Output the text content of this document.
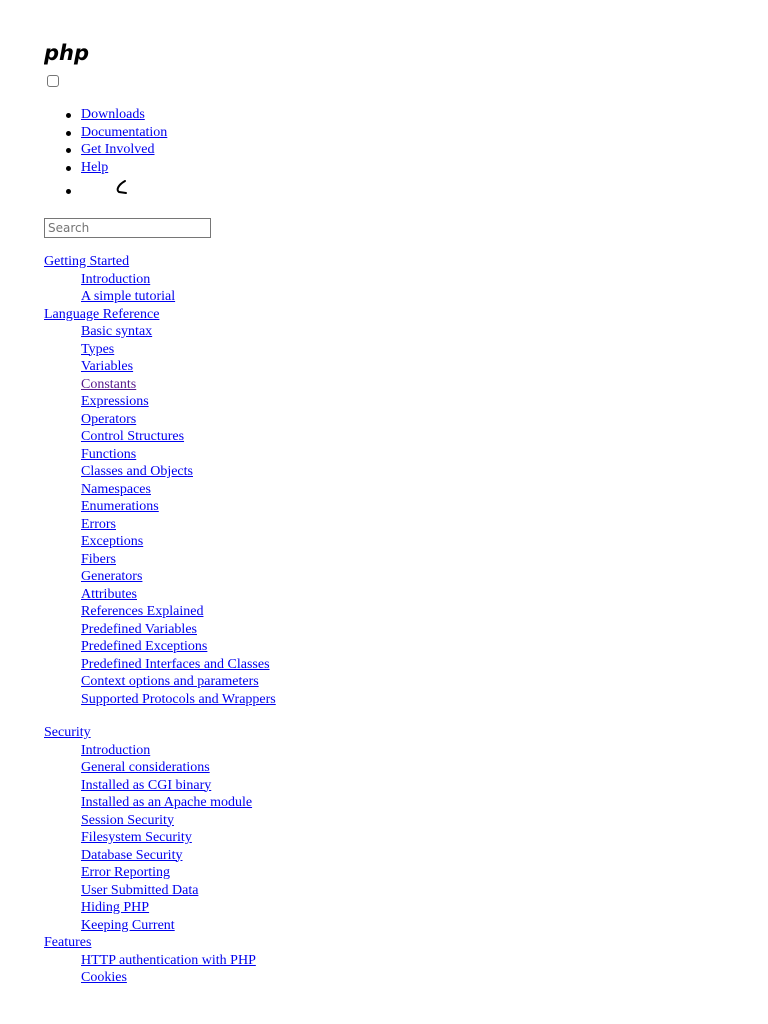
php
Downloads
Documentation
Get Involved
Help
Search
Getting Started
Introduction
A simple tutorial
Language Reference
Basic syntax
Types
Variables
Constants
Expressions
Operators
Control Structures
Functions
Classes and Objects
Namespaces
Enumerations
Errors
Exceptions
Fibers
Generators
Attributes
References Explained
Predefined Variables
Predefined Exceptions
Predefined Interfaces and Classes
Context options and parameters
Supported Protocols and Wrappers
Security
Introduction
General considerations
Installed as CGI binary
Installed as an Apache module
Session Security
Filesystem Security
Database Security
Error Reporting
User Submitted Data
Hiding PHP
Keeping Current
Features
HTTP authentication with PHP
Cookies
